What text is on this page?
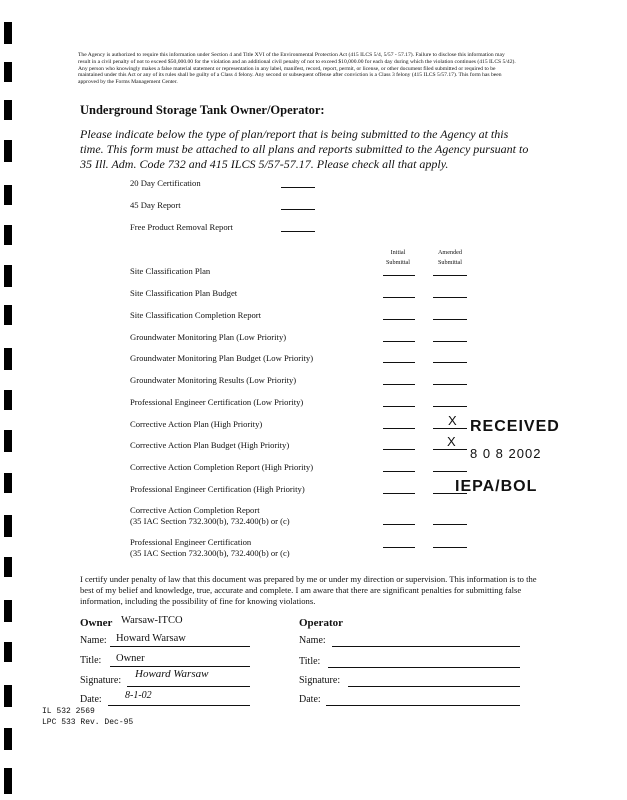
The Agency is authorized to require this information under Section 4 and Title XVI of the Environmental Protection Act (415 ILCS 5/4, 5/57 - 57.17). Failure to disclose this information may result in a civil penalty of not to exceed $50,000.00 for the violation and an additional civil penalty of not to exceed $10,000.00 for each day during which the violation continues (415 ILCS 5/42). Any person who knowingly makes a false material statement or representation in any label, manifest, record, report, permit, or license, or other document filed submitted or required to be maintained under this Act or any of its rules shall be guilty of a Class 4 felony. Any second or subsequent offense after conviction is a Class 3 felony (415 ILCS 5/57.17). This form has been approved by the Forms Management Center.
Underground Storage Tank Owner/Operator:
Please indicate below the type of plan/report that is being submitted to the Agency at this time. This form must be attached to all plans and reports submitted to the Agency pursuant to 35 Ill. Adm. Code 732 and 415 ILCS 5/57-57.17. Please check all that apply.
20 Day Certification
45 Day Report
Free Product Removal Report
Initial Submittal
Amended Submittal
Site Classification Plan
Site Classification Plan Budget
Site Classification Completion Report
Groundwater Monitoring Plan (Low Priority)
Groundwater Monitoring Plan Budget (Low Priority)
Groundwater Monitoring Results (Low Priority)
Professional Engineer Certification (Low Priority)
Corrective Action Plan (High Priority)	X
Corrective Action Plan Budget (High Priority)	X
Corrective Action Completion Report (High Priority)
Professional Engineer Certification (High Priority)
Corrective Action Completion Report
(35 IAC Section 732.300(b), 732.400(b) or (c)
Professional Engineer Certification
(35 IAC Section 732.300(b), 732.400(b) or (c)
RECEIVED
8 0 8 2002
IEPA/BOL
I certify under penalty of law that this document was prepared by me or under my direction or supervision. This information is to the best of my belief and knowledge, true, accurate and complete. I am aware that there are significant penalties for submitting false information, including the possibility of fine for knowing violations.
Owner Warsaw-ITCO
Name: Howard Warsaw
Title: Owner
Signature:
Howard Warsaw
Date: 8-1-02
Operator
Name:
Title:
Signature:
Date:
IL 532 2569
LPC 533 Rev. Dec-95
